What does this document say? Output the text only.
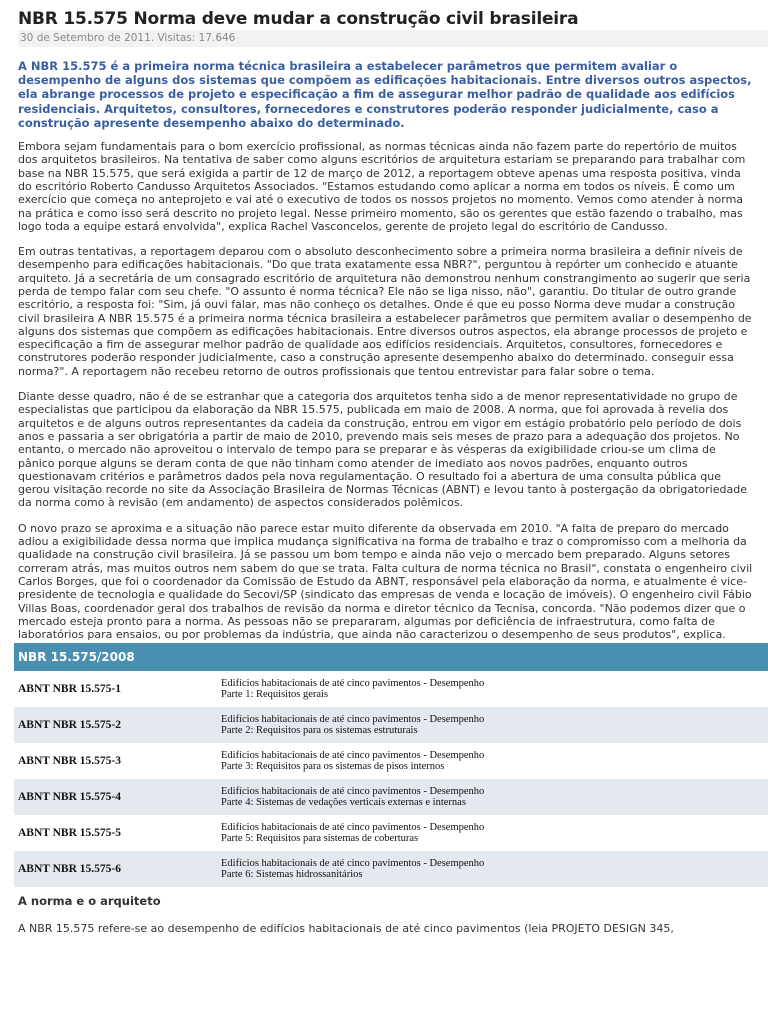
NBR 15.575 Norma deve mudar a construção civil brasileira
30 de Setembro de 2011. Visitas: 17.646
A NBR 15.575 é a primeira norma técnica brasileira a estabelecer parâmetros que permitem avaliar o desempenho de alguns dos sistemas que compõem as edificações habitacionais. Entre diversos outros aspectos, ela abrange processos de projeto e especificação a fim de assegurar melhor padrão de qualidade aos edifícios residenciais. Arquitetos, consultores, fornecedores e construtores poderão responder judicialmente, caso a construção apresente desempenho abaixo do determinado.

Embora sejam fundamentais para o bom exercício profissional, as normas técnicas ainda não fazem parte do repertório de muitos dos arquitetos brasileiros. Na tentativa de saber como alguns escritórios de arquitetura estariam se preparando para trabalhar com base na NBR 15.575, que será exigida a partir de 12 de março de 2012, a reportagem obteve apenas uma resposta positiva, vinda do escritório Roberto Candusso Arquitetos Associados. "Estamos estudando como aplicar a norma em todos os níveis. É como um exercício que começa no anteprojeto e vai até o executivo de todos os nossos projetos no momento. Vemos como atender à norma na prática e como isso será descrito no projeto legal. Nesse primeiro momento, são os gerentes que estão fazendo o trabalho, mas logo toda a equipe estará envolvida", explica Rachel Vasconcelos, gerente de projeto legal do escritório de Candusso.

Em outras tentativas, a reportagem deparou com o absoluto desconhecimento sobre a primeira norma brasileira a definir níveis de desempenho para edificações habitacionais. "Do que trata exatamente essa NBR?", perguntou à repórter um conhecido e atuante arquiteto. Já a secretária de um consagrado escritório de arquitetura não demonstrou nenhum constrangimento ao sugerir que seria perda de tempo falar com seu chefe. "O assunto é norma técnica? Ele não se liga nisso, não", garantiu. Do titular de outro grande escritório, a resposta foi: "Sim, já ouvi falar, mas não conheço os detalhes. Onde é que eu posso Norma deve mudar a construção civil brasileira A NBR 15.575 é a primeira norma técnica brasileira a estabelecer parâmetros que permitem avaliar o desempenho de alguns dos sistemas que compõem as edificações habitacionais. Entre diversos outros aspectos, ela abrange processos de projeto e especificação a fim de assegurar melhor padrão de qualidade aos edifícios residenciais. Arquitetos, consultores, fornecedores e construtores poderão responder judicialmente, caso a construção apresente desempenho abaixo do determinado. conseguir essa norma?". A reportagem não recebeu retorno de outros profissionais que tentou entrevistar para falar sobre o tema.

Diante desse quadro, não é de se estranhar que a categoria dos arquitetos tenha sido a de menor representatividade no grupo de especialistas que participou da elaboração da NBR 15.575, publicada em maio de 2008. A norma, que foi aprovada à revelia dos arquitetos e de alguns outros representantes da cadeia da construção, entrou em vigor em estágio probatório pelo período de dois anos e passaria a ser obrigatória a partir de maio de 2010, prevendo mais seis meses de prazo para a adequação dos projetos. No entanto, o mercado não aproveitou o intervalo de tempo para se preparar e às vésperas da exigibilidade criou-se um clima de pânico porque alguns se deram conta de que não tinham como atender de imediato aos novos padrões, enquanto outros questionavam critérios e parâmetros dados pela nova regulamentação. O resultado foi a abertura de uma consulta pública que gerou visitação recorde no site da Associação Brasileira de Normas Técnicas (ABNT) e levou tanto à postergação da obrigatoriedade da norma como à revisão (em andamento) de aspectos considerados polêmicos.

O novo prazo se aproxima e a situação não parece estar muito diferente da observada em 2010. "A falta de preparo do mercado adiou a exigibilidade dessa norma que implica mudança significativa na forma de trabalho e traz o compromisso com a melhoria da qualidade na construção civil brasileira. Já se passou um bom tempo e ainda não vejo o mercado bem preparado. Alguns setores correram atrás, mas muitos outros nem sabem do que se trata. Falta cultura de norma técnica no Brasil", constata o engenheiro civil Carlos Borges, que foi o coordenador da Comissão de Estudo da ABNT, responsável pela elaboração da norma, e atualmente é vice-presidente de tecnologia e qualidade do Secovi/SP (sindicato das empresas de venda e locação de imóveis). O engenheiro civil Fábio Villas Boas, coordenador geral dos trabalhos de revisão da norma e diretor técnico da Tecnisa, concorda. "Não podemos dizer que o mercado esteja pronto para a norma. As pessoas não se prepararam, algumas por deficiência de infraestrutura, como falta de laboratórios para ensaios, ou por problemas da indústria, que ainda não caracterizou o desempenho de seus produtos", explica.

NBR 15.575/2008	
ABNT NBR 15.575-1	Edifícios habitacionais de até cinco pavimentos - Desempenho
Parte 1: Requisitos gerais

ABNT NBR 15.575-2	Edifícios habitacionais de até cinco pavimentos - Desempenho
Parte 2: Requisitos para os sistemas estruturais

ABNT NBR 15.575-3	Edifícios habitacionais de até cinco pavimentos - Desempenho
Parte 3: Requisitos para os sistemas de pisos internos

ABNT NBR 15.575-4	Edifícios habitacionais de até cinco pavimentos - Desempenho
Parte 4: Sistemas de vedações verticais externas e internas

ABNT NBR 15.575-5	Edifícios habitacionais de até cinco pavimentos - Desempenho
Parte 5: Requisitos para sistemas de coberturas

ABNT NBR 15.575-6	Edifícios habitacionais de até cinco pavimentos - Desempenho
Parte 6: Sistemas hidrossanitários
A norma e o arquiteto

A NBR 15.575 refere-se ao desempenho de edifícios habitacionais de até cinco pavimentos (leia PROJETO DESIGN 345,
